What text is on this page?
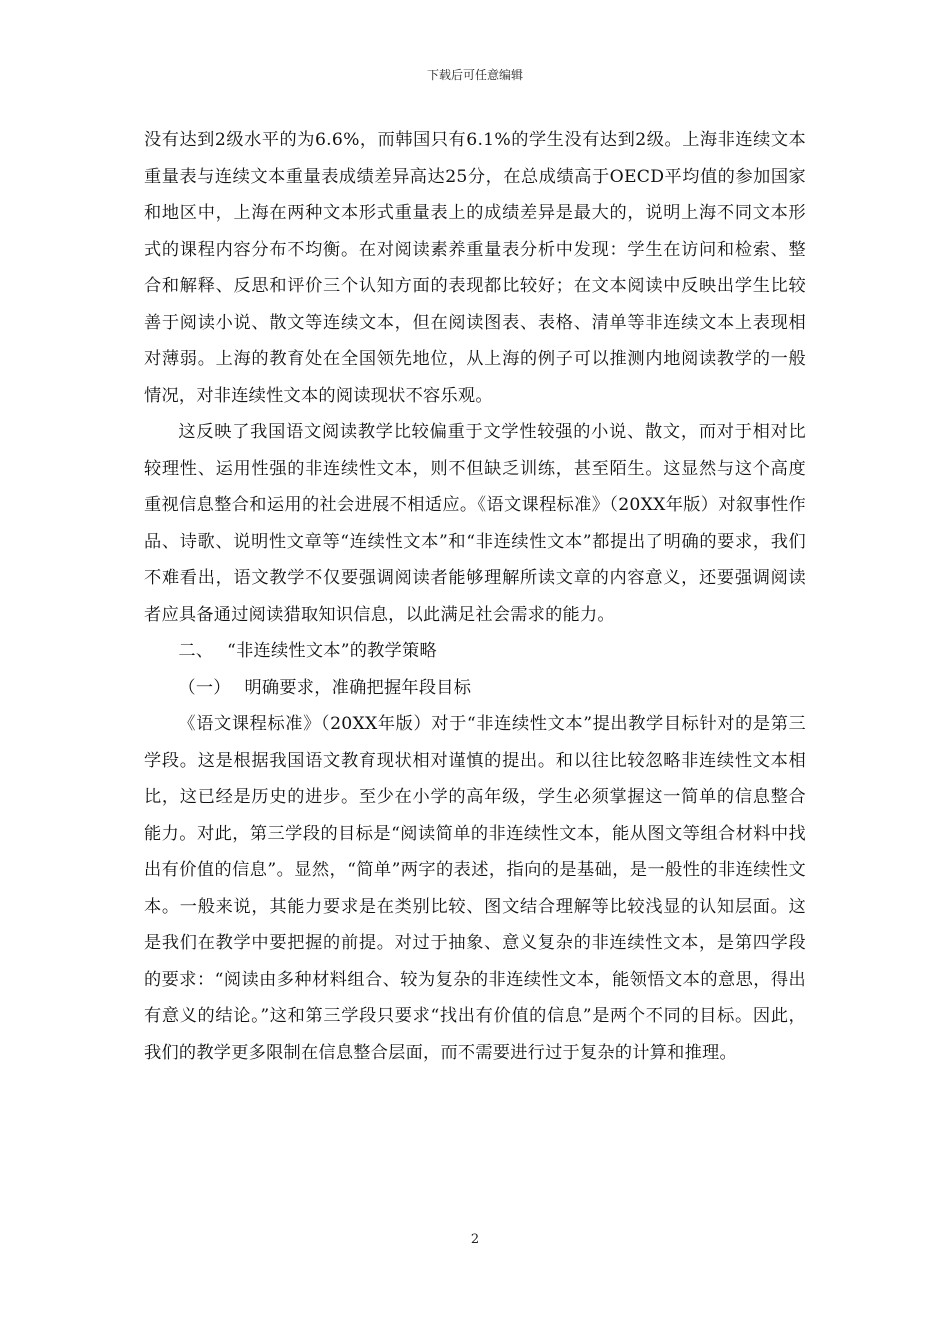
下载后可任意编辑

没有达到2级水平的为6.6%，而韩国只有6.1%的学生没有达到2级。上海非连续文本重量表与连续文本重量表成绩差异高达25分，在总成绩高于OECD平均值的参加国家和地区中，上海在两种文本形式重量表上的成绩差异是最大的，说明上海不同文本形式的课程内容分布不均衡。在对阅读素养重量表分析中发现：学生在访问和检索、整合和解释、反思和评价三个认知方面的表现都比较好；在文本阅读中反映出学生比较善于阅读小说、散文等连续文本，但在阅读图表、表格、清单等非连续文本上表现相对薄弱。上海的教育处在全国领先地位，从上海的例子可以推测内地阅读教学的一般情况，对非连续性文本的阅读现状不容乐观。

这反映了我国语文阅读教学比较偏重于文学性较强的小说、散文，而对于相对比较理性、运用性强的非连续性文本，则不但缺乏训练，甚至陌生。这显然与这个高度重视信息整合和运用的社会进展不相适应。《语文课程标准》（20XX年版）对叙事性作品、诗歌、说明性文章等“连续性文本”和“非连续性文本”都提出了明确的要求，我们不难看出，语文教学不仅要强调阅读者能够理解所读文章的内容意义，还要强调阅读者应具备通过阅读猎取知识信息，以此满足社会需求的能力。

二、 “非连续性文本”的教学策略

（一） 明确要求，准确把握年段目标

《语文课程标准》（20XX年版）对于“非连续性文本”提出教学目标针对的是第三学段。这是根据我国语文教育现状相对谨慎的提出。和以往比较忽略非连续性文本相比，这已经是历史的进步。至少在小学的高年级，学生必须掌握这一简单的信息整合能力。对此，第三学段的目标是“阅读简单的非连续性文本，能从图文等组合材料中找出有价值的信息”。显然，“简单”两字的表述，指向的是基础，是一般性的非连续性文本。一般来说，其能力要求是在类别比较、图文结合理解等比较浅显的认知层面。这是我们在教学中要把握的前提。对过于抽象、意义复杂的非连续性文本，是第四学段的要求：“阅读由多种材料组合、较为复杂的非连续性文本，能领悟文本的意思，得出有意义的结论。”这和第三学段只要求“找出有价值的信息”是两个不同的目标。因此，我们的教学更多限制在信息整合层面，而不需要进行过于复杂的计算和推理。

2
